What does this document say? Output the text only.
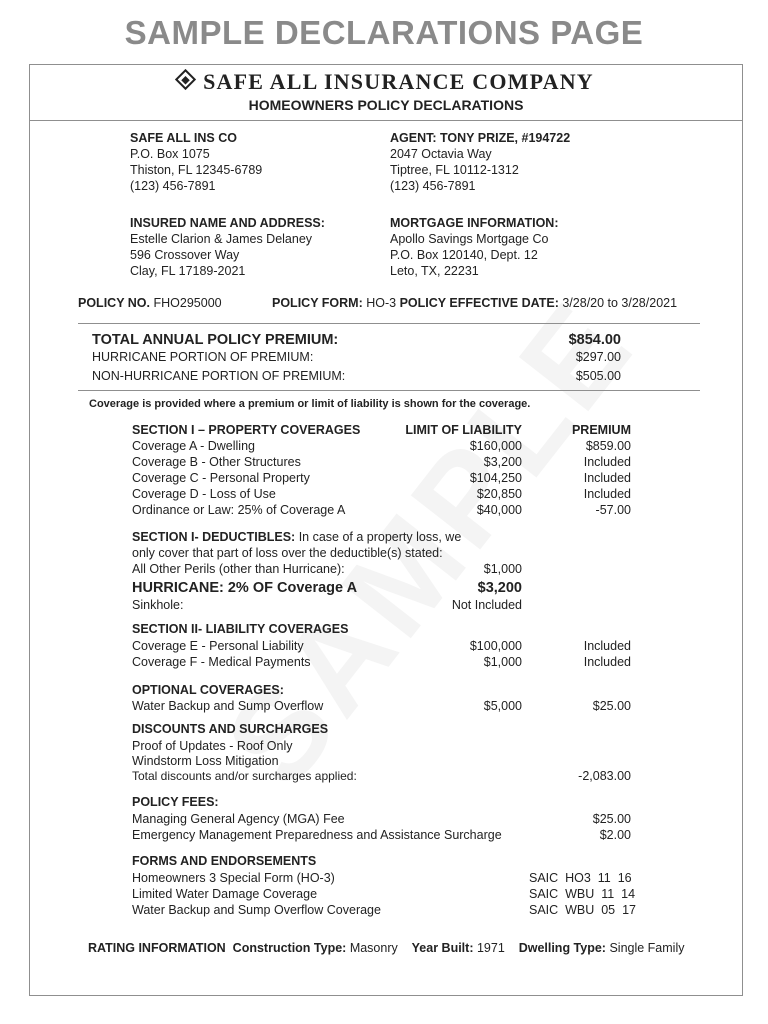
SAMPLE DECLARATIONS PAGE
SAFE ALL INSURANCE COMPANY
HOMEOWNERS POLICY DECLARATIONS
SAFE ALL INS CO
P.O. Box 1075
Thiston, FL 12345-6789
(123) 456-7891
AGENT: TONY PRIZE, #194722
2047 Octavia Way
Tiptree, FL 10112-1312
(123) 456-7891
INSURED NAME AND ADDRESS:
Estelle Clarion & James Delaney
596 Crossover Way
Clay, FL 17189-2021
MORTGAGE INFORMATION:
Apollo Savings Mortgage Co
P.O. Box 120140, Dept. 12
Leto, TX, 22231
POLICY NO. FHO295000	POLICY FORM: HO-3 POLICY EFFECTIVE DATE: 3/28/20 to 3/28/2021
TOTAL ANNUAL POLICY PREMIUM:	$854.00
HURRICANE PORTION OF PREMIUM:	$297.00
NON-HURRICANE PORTION OF PREMIUM:	$505.00
Coverage is provided where a premium or limit of liability is shown for the coverage.
SECTION I – PROPERTY COVERAGES	LIMIT OF LIABILITY	PREMIUM
Coverage A - Dwelling	$160,000	$859.00
Coverage B - Other Structures	$3,200	Included
Coverage C - Personal Property	$104,250	Included
Coverage D - Loss of Use	$20,850	Included
Ordinance or Law: 25% of Coverage A	$40,000	-57.00
SECTION I- DEDUCTIBLES: In case of a property loss, we
only cover that part of loss over the deductible(s) stated:
All Other Perils (other than Hurricane):	$1,000
HURRICANE: 2% OF Coverage A	$3,200
Sinkhole:	Not Included
SECTION II- LIABILITY COVERAGES
Coverage E - Personal Liability	$100,000	Included
Coverage F - Medical Payments	$1,000	Included
OPTIONAL COVERAGES:
Water Backup and Sump Overflow	$5,000	$25.00
DISCOUNTS AND SURCHARGES
Proof of Updates - Roof Only
Windstorm Loss Mitigation
Total discounts and/or surcharges applied:	-2,083.00
POLICY FEES:
Managing General Agency (MGA) Fee	$25.00
Emergency Management Preparedness and Assistance Surcharge	$2.00
FORMS AND ENDORSEMENTS
Homeowners 3 Special Form (HO-3)	SAIC  HO3  11  16
Limited Water Damage Coverage	SAIC  WBU  11  14
Water Backup and Sump Overflow Coverage	SAIC  WBU  05  17
RATING INFORMATION Construction Type: Masonry Year Built: 1971 Dwelling Type: Single Family
